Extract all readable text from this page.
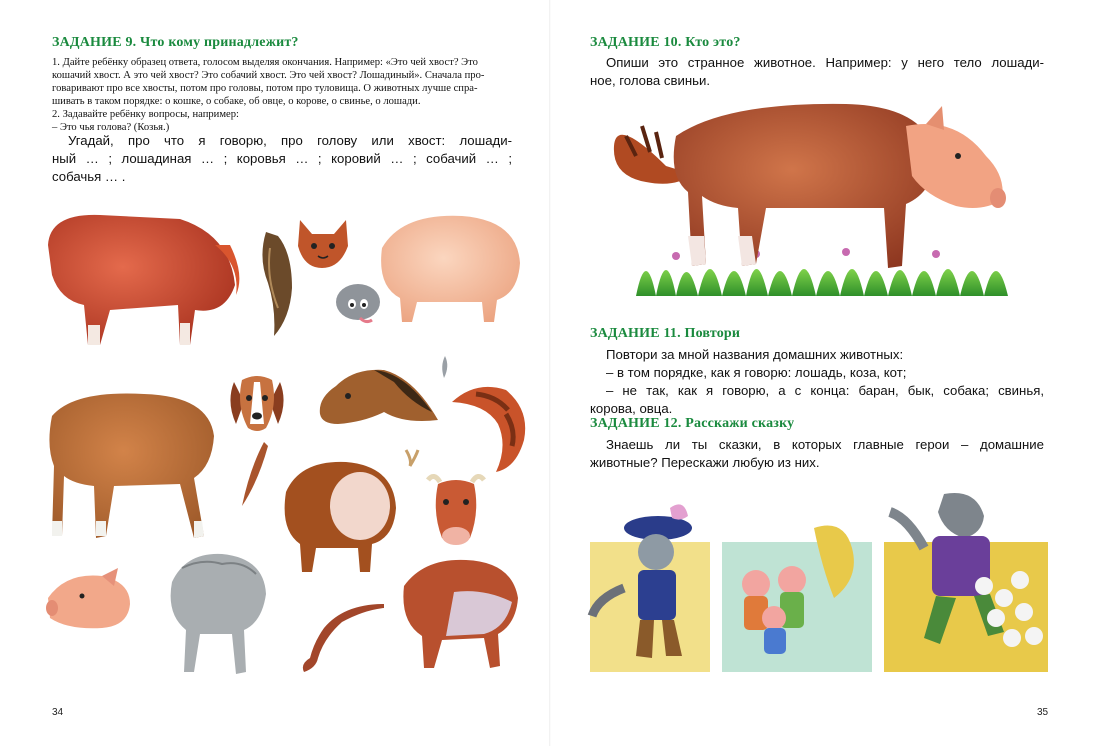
ЗАДАНИЕ 9. Что кому принадлежит?
1. Дайте ребёнку образец ответа, голосом выделяя окончания. Например: «Это чей хвост? Это
кошачий хвост. А это чей хвост? Это собачий хвост. Это чей хвост? Лошадиный». Сначала про-
говаривают про все хвосты, потом про головы, потом про туловища. О животных лучше спра-
шивать в таком порядке: о кошке, о собаке, об овце, о корове, о свинье, о лошади.
2. Задавайте ребёнку вопросы, например:
– Это чья голова? (Козья.)
Угадай, про что я говорю, про голову или хвост: лошади-
ный … ; лошадиная … ; коровья … ; коровий … ; собачий … ;
собачья … .
34
ЗАДАНИЕ 10. Кто это?
Опиши это странное животное. Например: у него тело лошади-
ное, голова свиньи.
ЗАДАНИЕ 11. Повтори
Повтори за мной названия домашних животных:
– в том порядке, как я говорю: лошадь, коза, кот;
– не так, как я говорю, а с конца: баран, бык, собака; свинья,
корова, овца.
ЗАДАНИЕ 12. Расскажи сказку
Знаешь ли ты сказки, в которых главные герои – домашние
животные? Перескажи любую из них.
35
